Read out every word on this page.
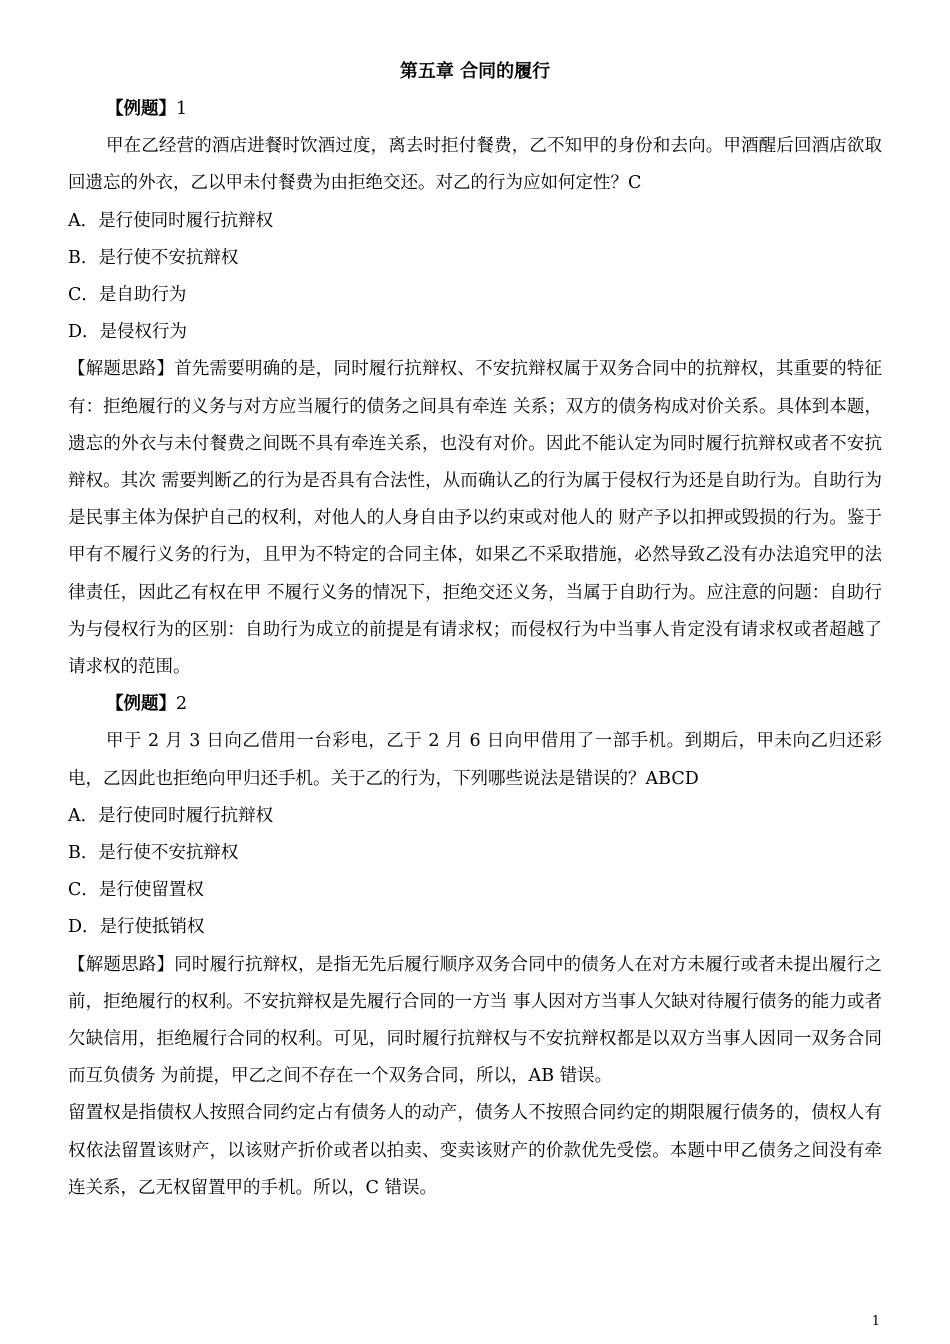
第五章 合同的履行

【例题】1

甲在乙经营的酒店进餐时饮酒过度，离去时拒付餐费，乙不知甲的身份和去向。甲酒醒后回酒店欲取回遗忘的外衣，乙以甲未付餐费为由拒绝交还。对乙的行为应如何定性？C

A．是行使同时履行抗辩权

B．是行使不安抗辩权

C．是自助行为

D．是侵权行为

【解题思路】首先需要明确的是，同时履行抗辩权、不安抗辩权属于双务合同中的抗辩权，其重要的特征有：拒绝履行的义务与对方应当履行的债务之间具有牵连 关系；双方的债务构成对价关系。具体到本题，遗忘的外衣与未付餐费之间既不具有牵连关系，也没有对价。因此不能认定为同时履行抗辩权或者不安抗辩权。其次 需要判断乙的行为是否具有合法性，从而确认乙的行为属于侵权行为还是自助行为。自助行为是民事主体为保护自己的权利，对他人的人身自由予以约束或对他人的 财产予以扣押或毁损的行为。鉴于甲有不履行义务的行为，且甲为不特定的合同主体，如果乙不采取措施，必然导致乙没有办法追究甲的法律责任，因此乙有权在甲 不履行义务的情况下，拒绝交还义务，当属于自助行为。应注意的问题：自助行为与侵权行为的区别：自助行为成立的前提是有请求权；而侵权行为中当事人肯定没有请求权或者超越了请求权的范围。

【例题】2

甲于 2 月 3 日向乙借用一台彩电，乙于 2 月 6 日向甲借用了一部手机。到期后，甲未向乙归还彩电，乙因此也拒绝向甲归还手机。关于乙的行为，下列哪些说法是错误的？ABCD

A．是行使同时履行抗辩权

B．是行使不安抗辩权

C．是行使留置权

D．是行使抵销权

【解题思路】同时履行抗辩权，是指无先后履行顺序双务合同中的债务人在对方未履行或者未提出履行之前，拒绝履行的权利。不安抗辩权是先履行合同的一方当 事人因对方当事人欠缺对待履行债务的能力或者欠缺信用，拒绝履行合同的权利。可见，同时履行抗辩权与不安抗辩权都是以双方当事人因同一双务合同而互负债务 为前提，甲乙之间不存在一个双务合同，所以，AB 错误。

留置权是指债权人按照合同约定占有债务人的动产，债务人不按照合同约定的期限履行债务的，债权人有权依法留置该财产，以该财产折价或者以拍卖、变卖该财产的价款优先受偿。本题中甲乙债务之间没有牵连关系，乙无权留置甲的手机。所以，C 错误。

1
